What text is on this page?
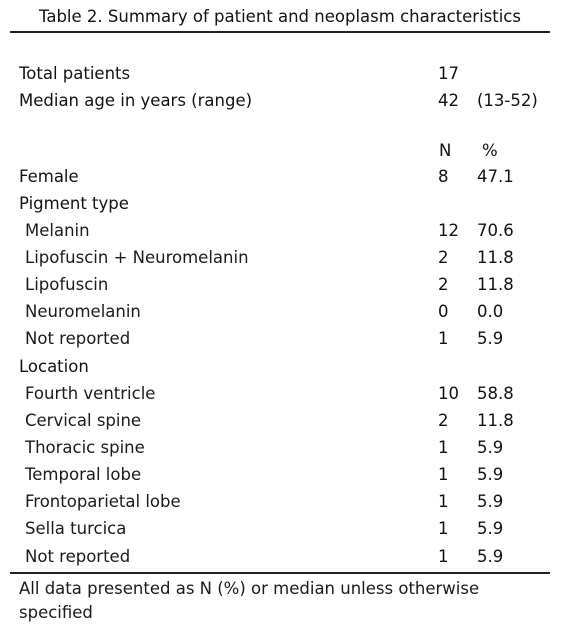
Table 2. Summary of patient and neoplasm characteristics
Total patients	17
Median age in years (range)	42 (13-52)
N %
Female	8 47.1
Pigment type
Melanin	12 70.6
Lipofuscin + Neuromelanin	2 11.8
Lipofuscin	2 11.8
Neuromelanin	0 0.0
Not reported	1 5.9
Location
Fourth ventricle	10 58.8
Cervical spine	2 11.8
Thoracic spine	1 5.9
Temporal lobe	1 5.9
Frontoparietal lobe	1 5.9
Sella turcica	1 5.9
Not reported	1 5.9
All data presented as N (%) or median unless otherwise specified
